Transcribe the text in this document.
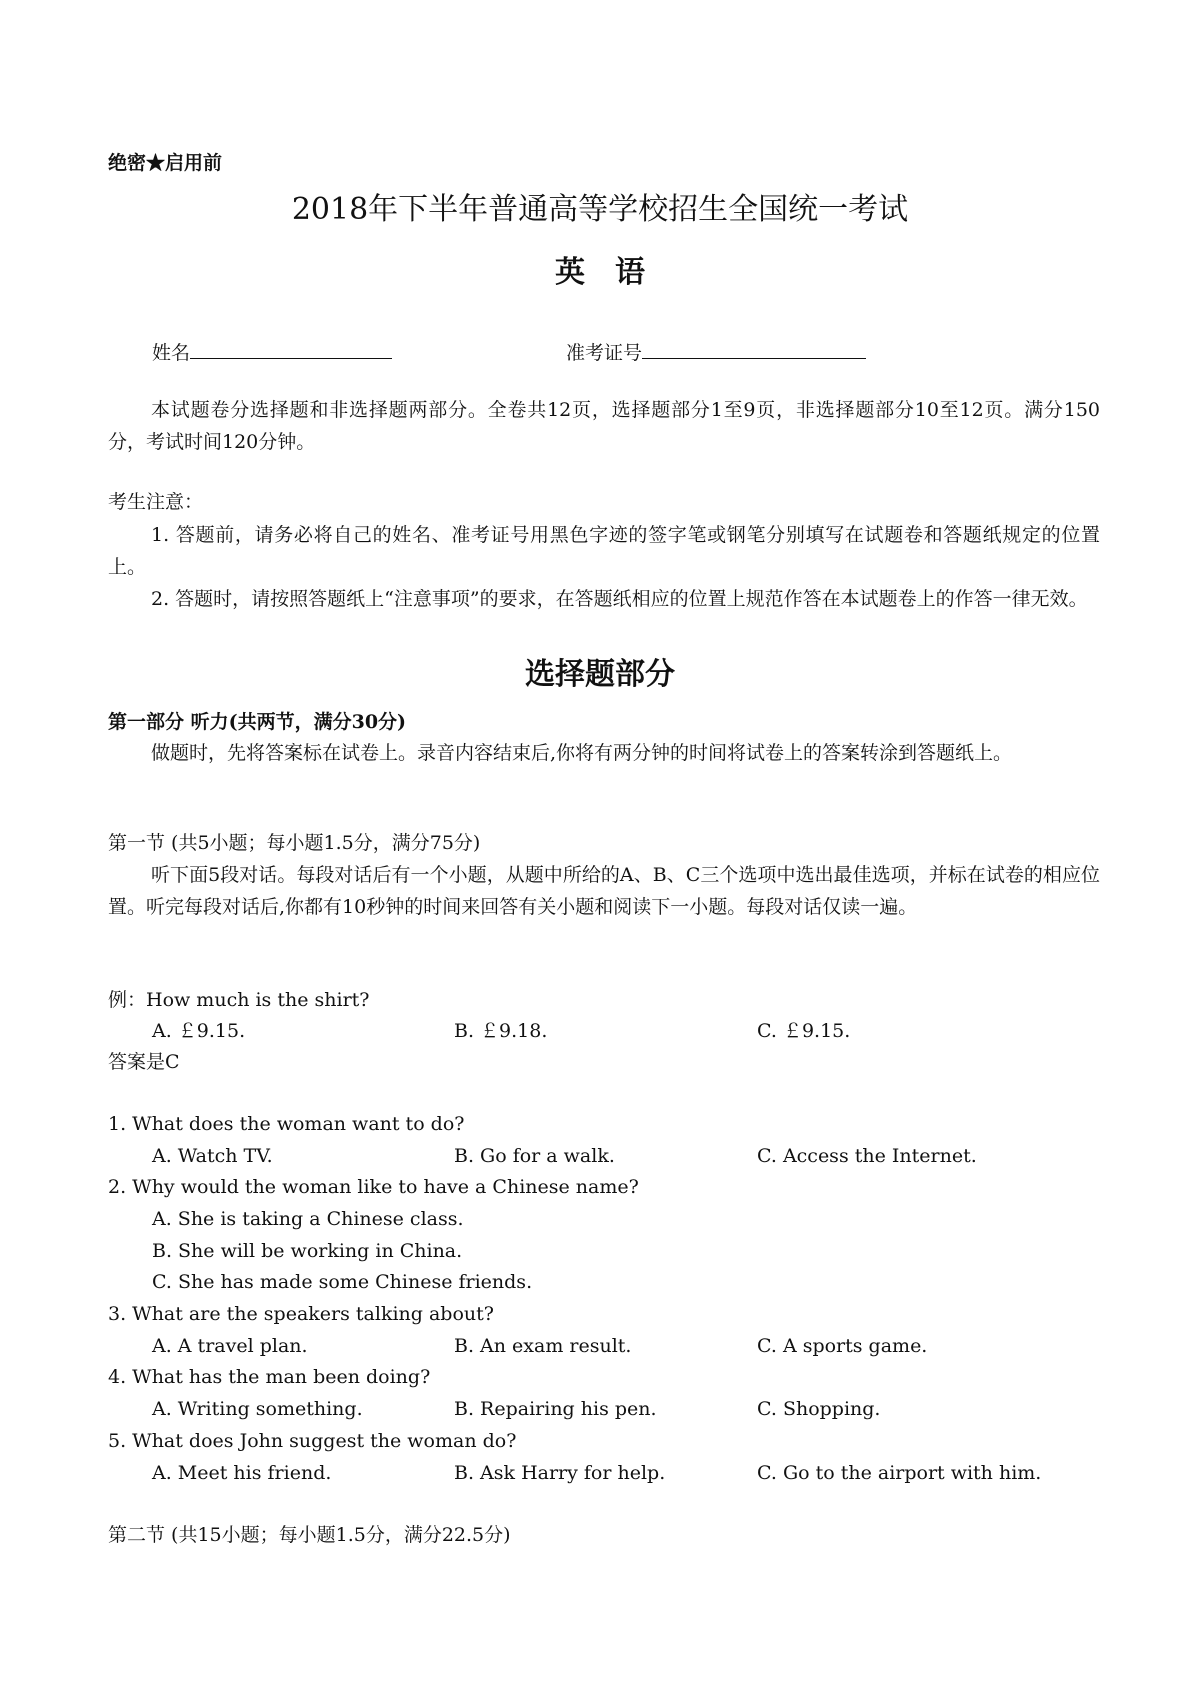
绝密★启用前
2018年下半年普通高等学校招生全国统一考试
英　语
姓名	准考证号
本试题卷分选择题和非选择题两部分。全卷共12页，选择题部分1至9页，非选择题部分10至12页。满分150分，考试时间120分钟。
考生注意：
1. 答题前，请务必将自己的姓名、准考证号用黑色字迹的签字笔或钢笔分别填写在试题卷和答题纸规定的位置上。
2. 答题时，请按照答题纸上“注意事项”的要求，在答题纸相应的位置上规范作答在本试题卷上的作答一律无效。
选择题部分
第一部分 听力(共两节，满分30分)
做题时，先将答案标在试卷上。录音内容结束后,你将有两分钟的时间将试卷上的答案转涂到答题纸上。
第一节 (共5小题；每小题1.5分，满分75分)
听下面5段对话。每段对话后有一个小题，从题中所给的A、B、C三个选项中选出最佳选项，并标在试卷的相应位置。听完每段对话后,你都有10秒钟的时间来回答有关小题和阅读下一小题。每段对话仅读一遍。
例：How much is the shirt?
A. ￡9.15.	B. ￡9.18.	C. ￡9.15.
答案是C
1. What does the woman want to do?
A. Watch TV.	B. Go for a walk.	C. Access the Internet.
2. Why would the woman like to have a Chinese name?
A. She is taking a Chinese class.
B. She will be working in China.
C. She has made some Chinese friends.
3. What are the speakers talking about?
A. A travel plan.	B. An exam result.	C. A sports game.
4. What has the man been doing?
A. Writing something.	B. Repairing his pen.	C. Shopping.
5. What does John suggest the woman do?
A. Meet his friend.	B. Ask Harry for help.	C. Go to the airport with him.
第二节 (共15小题；每小题1.5分，满分22.5分)
